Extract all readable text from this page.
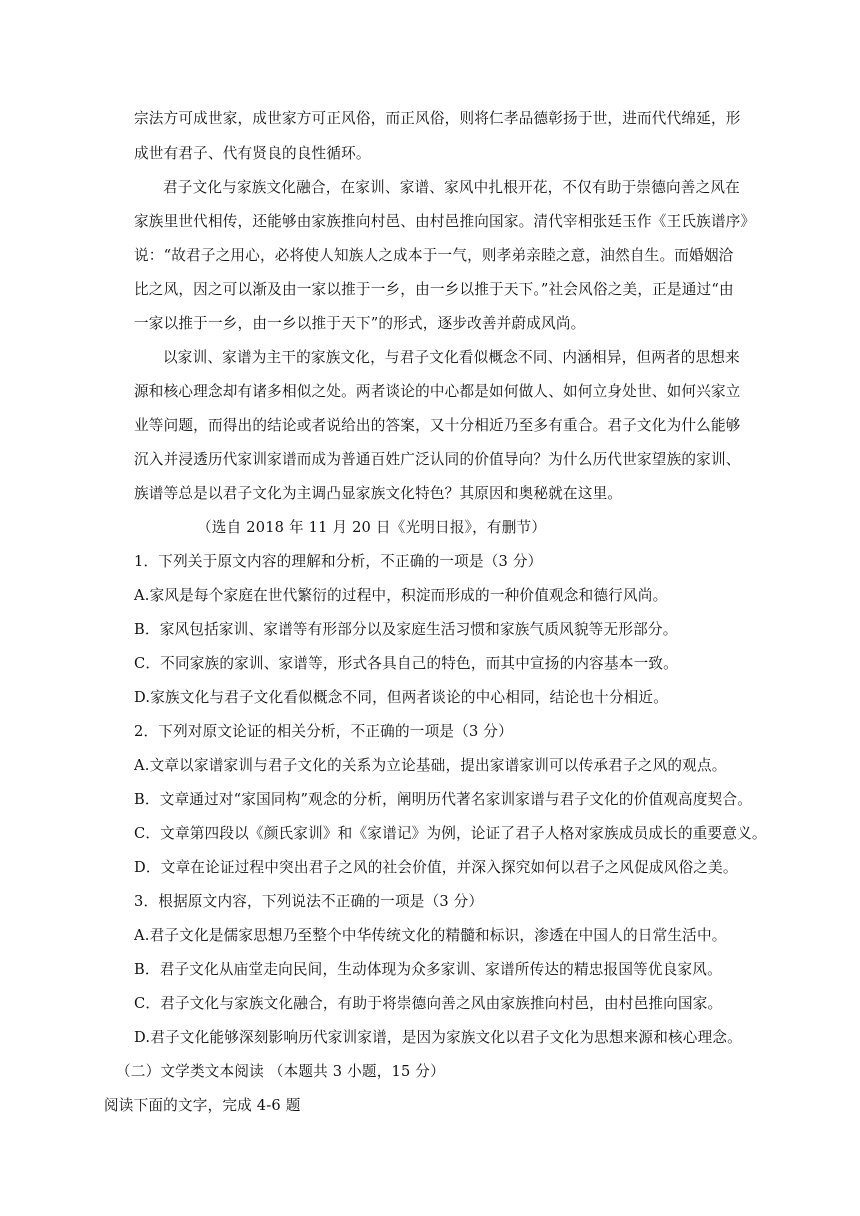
宗法方可成世家，成世家方可正风俗，而正风俗，则将仁孝品德彰扬于世，进而代代绵延，形
成世有君子、代有贤良的良性循环。
君子文化与家族文化融合，在家训、家谱、家风中扎根开花，不仅有助于崇德向善之风在
家族里世代相传，还能够由家族推向村邑、由村邑推向国家。清代宰相张廷玉作《王氏族谱序》
说：“故君子之用心，必将使人知族人之成本于一气，则孝弟亲睦之意，油然自生。而婚姻洽
比之风，因之可以渐及由一家以推于一乡，由一乡以推于天下。”社会风俗之美，正是通过“由
一家以推于一乡，由一乡以推于天下”的形式，逐步改善并蔚成风尚。
以家训、家谱为主干的家族文化，与君子文化看似概念不同、内涵相异，但两者的思想来
源和核心理念却有诸多相似之处。两者谈论的中心都是如何做人、如何立身处世、如何兴家立
业等问题，而得出的结论或者说给出的答案，又十分相近乃至多有重合。君子文化为什么能够
沉入并浸透历代家训家谱而成为普通百姓广泛认同的价值导向？为什么历代世家望族的家训、
族谱等总是以君子文化为主调凸显家族文化特色？其原因和奥秘就在这里。
（选自 2018 年 11 月 20 日《光明日报》，有删节）
1．下列关于原文内容的理解和分析，不正确的一项是（3 分）
A.家风是每个家庭在世代繁衍的过程中，积淀而形成的一种价值观念和德行风尚。
B．家风包括家训、家谱等有形部分以及家庭生活习惯和家族气质风貌等无形部分。
C．不同家族的家训、家谱等，形式各具自己的特色，而其中宣扬的内容基本一致。
D.家族文化与君子文化看似概念不同，但两者谈论的中心相同，结论也十分相近。
2．下列对原文论证的相关分析，不正确的一项是（3 分）
A.文章以家谱家训与君子文化的关系为立论基础，提出家谱家训可以传承君子之风的观点。
B．文章通过对“家国同构”观念的分析，阐明历代著名家训家谱与君子文化的价值观高度契合。
C．文章第四段以《颜氏家训》和《家谱记》为例，论证了君子人格对家族成员成长的重要意义。
D．文章在论证过程中突出君子之风的社会价值，并深入探究如何以君子之风促成风俗之美。
3．根据原文内容，下列说法不正确的一项是（3 分）
A.君子文化是儒家思想乃至整个中华传统文化的精髓和标识，渗透在中国人的日常生活中。
B．君子文化从庙堂走向民间，生动体现为众多家训、家谱所传达的精忠报国等优良家风。
C．君子文化与家族文化融合，有助于将崇德向善之风由家族推向村邑，由村邑推向国家。
D.君子文化能够深刻影响历代家训家谱，是因为家族文化以君子文化为思想来源和核心理念。
（二）文学类文本阅读 （本题共 3 小题，15 分）
阅读下面的文字，完成 4-6 题
